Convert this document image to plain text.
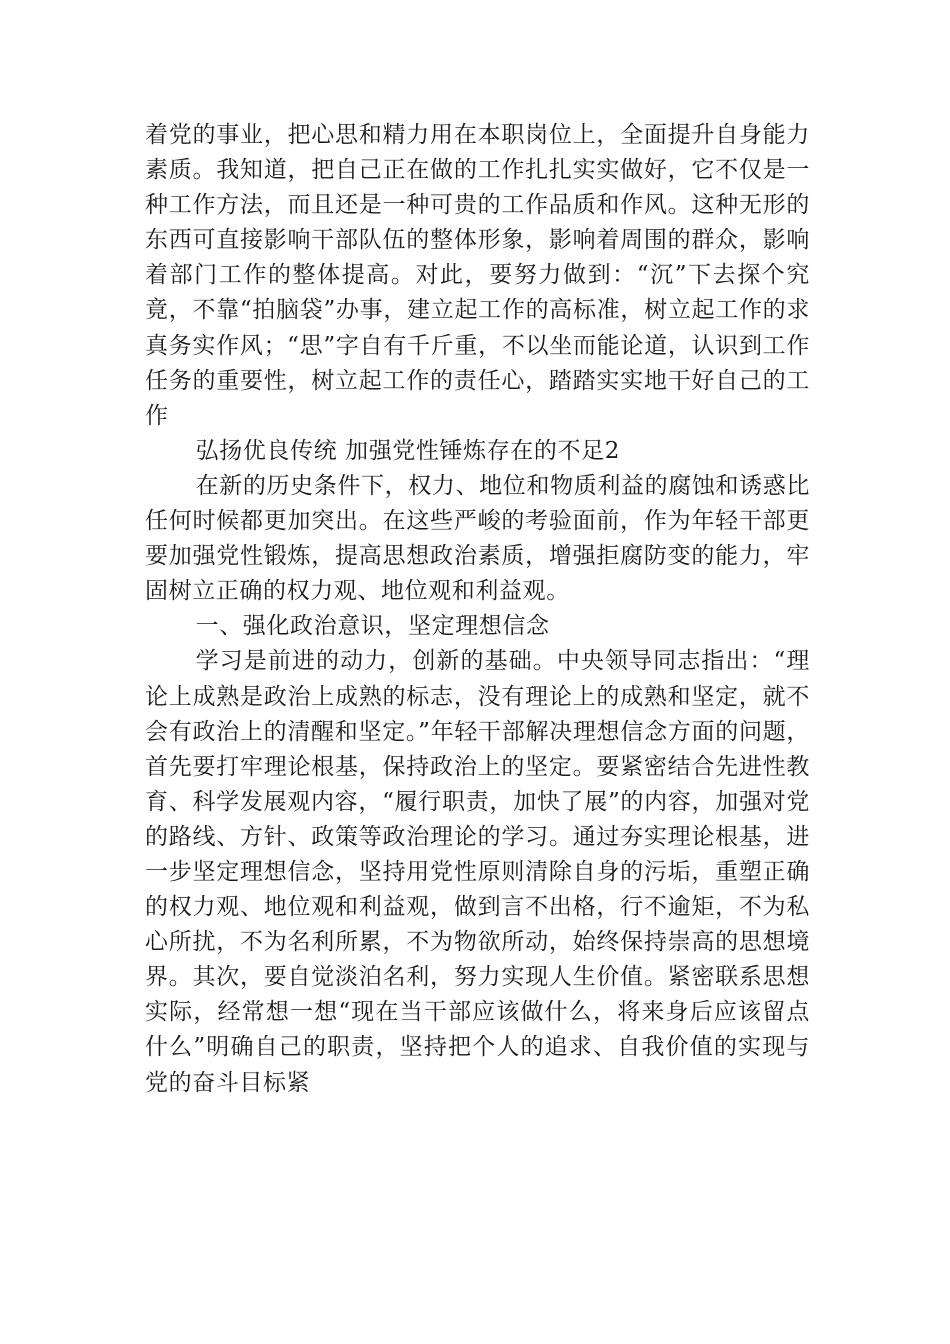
着党的事业，把心思和精力用在本职岗位上，全面提升自身能力素质。我知道，把自己正在做的工作扎扎实实做好，它不仅是一种工作方法，而且还是一种可贵的工作品质和作风。这种无形的东西可直接影响干部队伍的整体形象，影响着周围的群众，影响着部门工作的整体提高。对此，要努力做到：“沉”下去探个究竟，不靠“拍脑袋”办事，建立起工作的高标准，树立起工作的求真务实作风；“思”字自有千斤重，不以坐而能论道，认识到工作任务的重要性，树立起工作的责任心，踏踏实实地干好自己的工作

弘扬优良传统 加强党性锤炼存在的不足2

在新的历史条件下，权力、地位和物质利益的腐蚀和诱惑比任何时候都更加突出。在这些严峻的考验面前，作为年轻干部更要加强党性锻炼，提高思想政治素质，增强拒腐防变的能力，牢固树立正确的权力观、地位观和利益观。

一、强化政治意识，坚定理想信念

学习是前进的动力，创新的基础。中央领导同志指出：“理论上成熟是政治上成熟的标志，没有理论上的成熟和坚定，就不会有政治上的清醒和坚定。”年轻干部解决理想信念方面的问题，首先要打牢理论根基，保持政治上的坚定。要紧密结合先进性教育、科学发展观内容，“履行职责，加快了展”的内容，加强对党的路线、方针、政策等政治理论的学习。通过夯实理论根基，进一步坚定理想信念，坚持用党性原则清除自身的污垢，重塑正确的权力观、地位观和利益观，做到言不出格，行不逾矩，不为私心所扰，不为名利所累，不为物欲所动，始终保持崇高的思想境界。其次，要自觉淡泊名利，努力实现人生价值。紧密联系思想实际，经常想一想“现在当干部应该做什么，将来身后应该留点什么”明确自己的职责，坚持把个人的追求、自我价值的实现与党的奋斗目标紧
